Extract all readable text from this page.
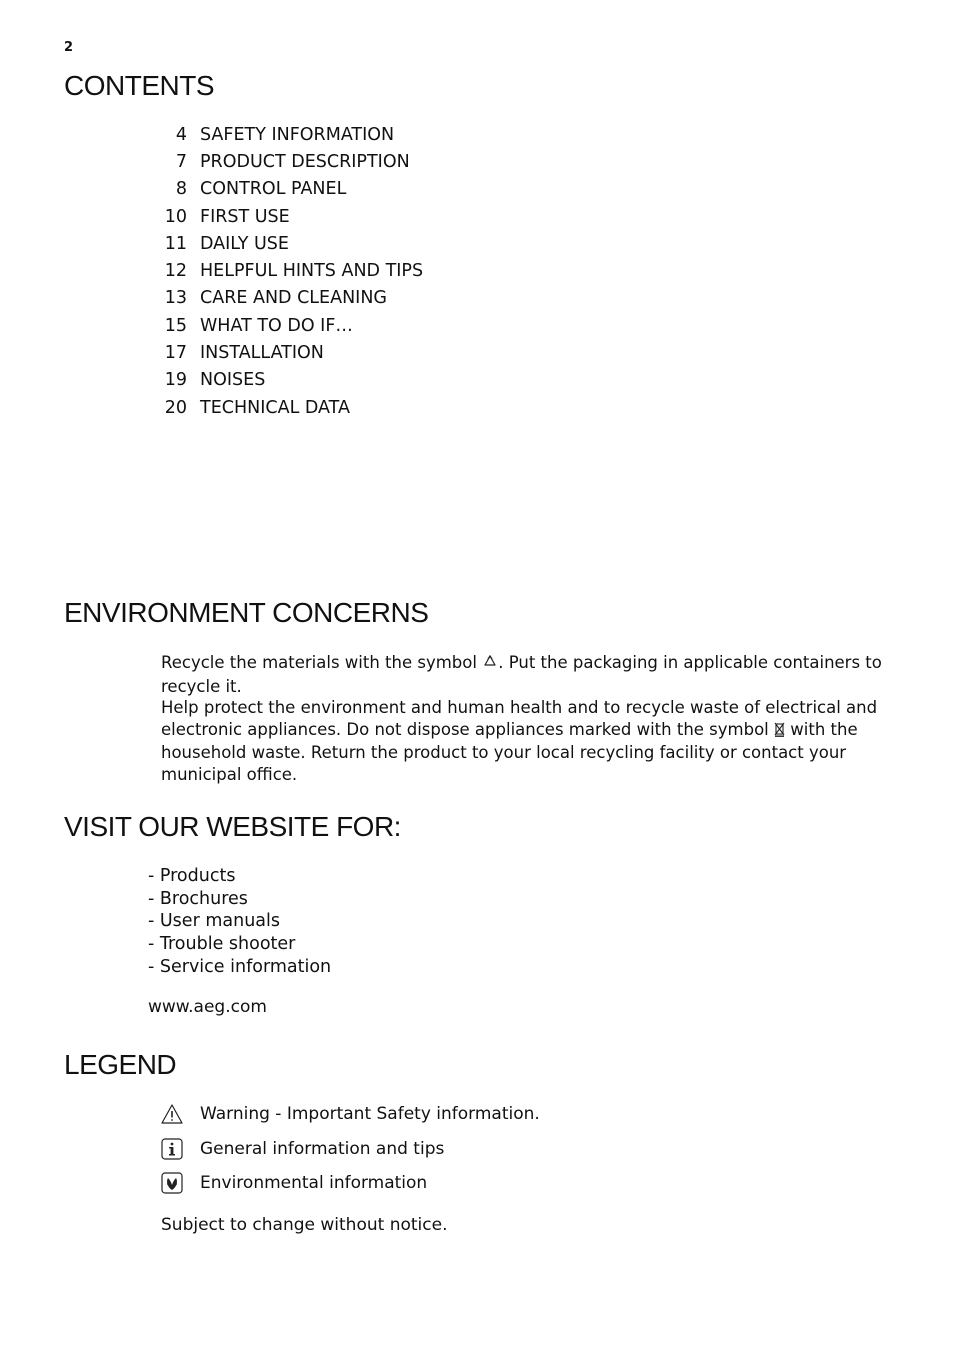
2
CONTENTS
4 SAFETY INFORMATION
7 PRODUCT DESCRIPTION
8 CONTROL PANEL
10 FIRST USE
11 DAILY USE
12 HELPFUL HINTS AND TIPS
13 CARE AND CLEANING
15 WHAT TO DO IF…
17 INSTALLATION
19 NOISES
20 TECHNICAL DATA
ENVIRONMENT CONCERNS

Recycle the materials with the symbol . Put the packaging in applicable containers to recycle it.

Help protect the environment and human health and to recycle waste of electrical and electronic appliances. Do not dispose appliances marked with the symbol with the household waste. Return the product to your local recycling facility or contact your municipal office.

VISIT OUR WEBSITE FOR:
- Products
- Brochures
- User manuals
- Trouble shooter
- Service information
www.aeg.com
LEGEND
Warning - Important Safety information.
General information and tips
Environmental information
Subject to change without notice.
